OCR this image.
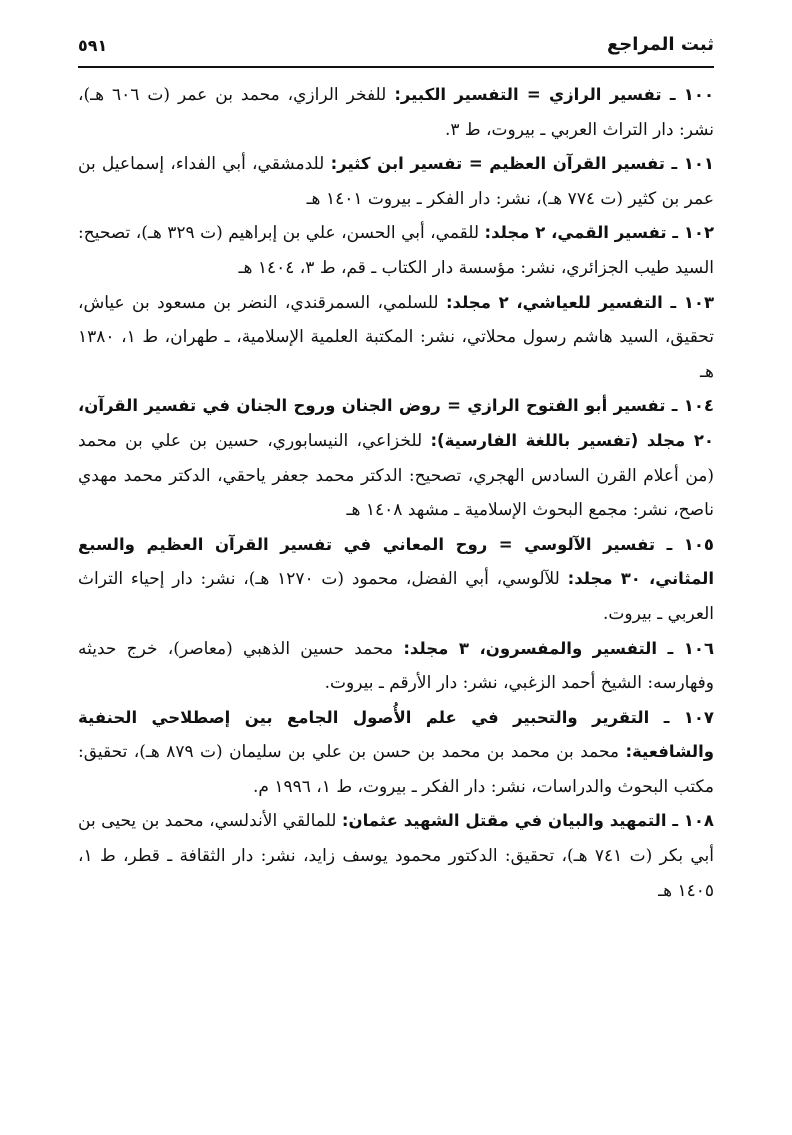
ثبت المراجع
٥٩١

١٠٠ ـ تفسير الرازي = التفسير الكبير: للفخر الرازي، محمد بن عمر (ت ٦٠٦ هـ)، نشر: دار التراث العربي ـ بيروت، ط ٣.

١٠١ ـ تفسير القرآن العظيم = تفسير ابن كثير: للدمشقي، أبي الفداء، إسماعيل بن عمر بن كثير (ت ٧٧٤ هـ)، نشر: دار الفكر ـ بيروت ١٤٠١ هـ

١٠٢ ـ تفسير القمي، ٢ مجلد: للقمي، أبي الحسن، علي بن إبراهيم (ت ٣٢٩ هـ)، تصحيح: السيد طيب الجزائري، نشر: مؤسسة دار الكتاب ـ قم، ط ٣، ١٤٠٤ هـ

١٠٣ ـ التفسير للعياشي، ٢ مجلد: للسلمي، السمرقندي، النضر بن مسعود بن عياش، تحقيق، السيد هاشم رسول محلاتي، نشر: المكتبة العلمية الإسلامية، ـ طهران، ط ١، ١٣٨٠ هـ

١٠٤ ـ تفسير أبو الفتوح الرازي = روض الجنان وروح الجنان في تفسير القرآن، ٢٠ مجلد (تفسير باللغة الفارسية): للخزاعي، النيسابوري، حسين بن علي بن محمد (من أعلام القرن السادس الهجري، تصحيح: الدكتر محمد جعفر ياحقي، الدكتر محمد مهدي ناصح، نشر: مجمع البحوث الإسلامية ـ مشهد ١٤٠٨ هـ

١٠٥ ـ تفسير الآلوسي = روح المعاني في تفسير القرآن العظيم والسبع المثاني، ٣٠ مجلد: للآلوسي، أبي الفضل، محمود (ت ١٢٧٠ هـ)، نشر: دار إحياء التراث العربي ـ بيروت.

١٠٦ ـ التفسير والمفسرون، ٣ مجلد: محمد حسين الذهبي (معاصر)، خرج حديثه وفهارسه: الشيخ أحمد الزغبي، نشر: دار الأرقم ـ بيروت.

١٠٧ ـ التقرير والتحبير في علم الأُصول الجامع بين إصطلاحي الحنفية والشافعية: محمد بن محمد بن محمد بن حسن بن علي بن سليمان (ت ٨٧٩ هـ)، تحقيق: مكتب البحوث والدراسات، نشر: دار الفكر ـ بيروت، ط ١، ١٩٩٦ م.

١٠٨ ـ التمهيد والبيان في مقتل الشهيد عثمان: للمالقي الأندلسي، محمد بن يحيى بن أبي بكر (ت ٧٤١ هـ)، تحقيق: الدكتور محمود يوسف زايد، نشر: دار الثقافة ـ قطر، ط ١، ١٤٠٥ هـ
